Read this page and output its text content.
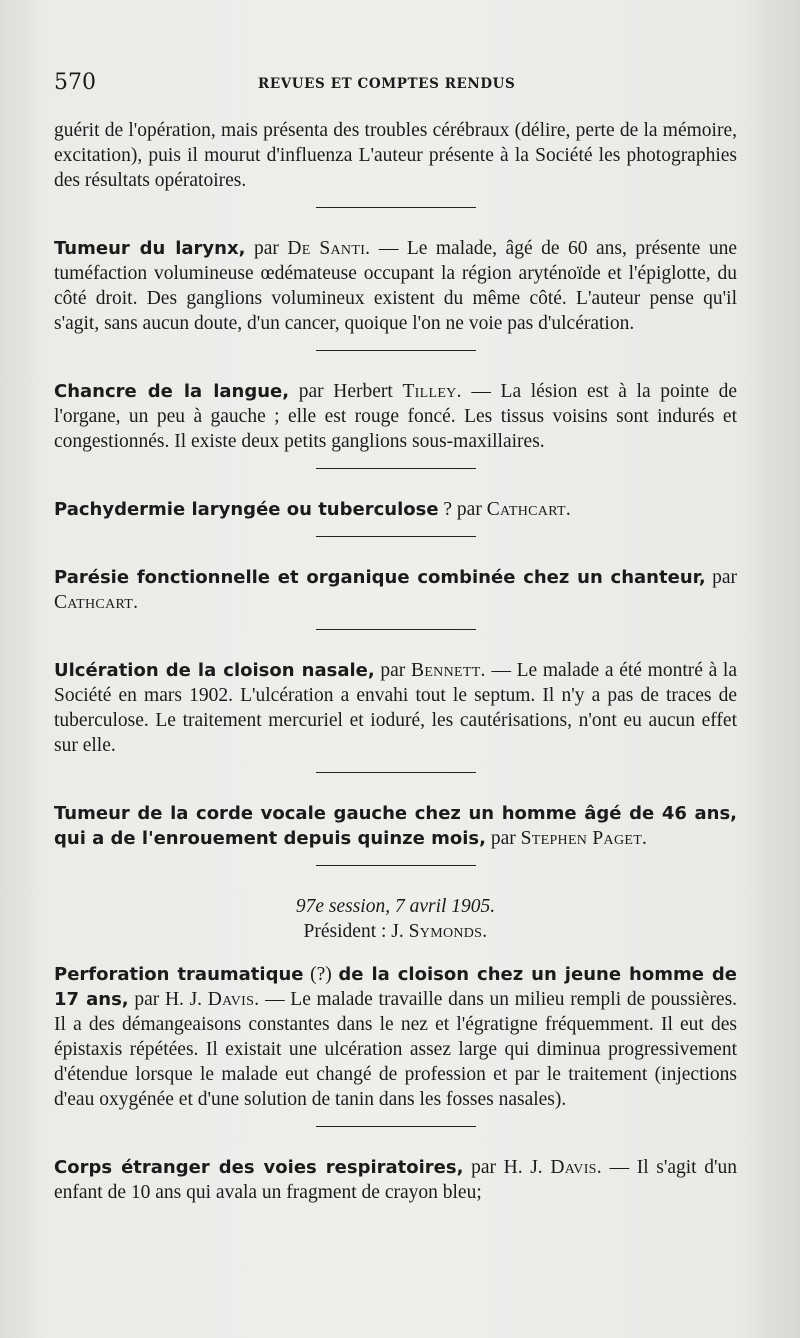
570	REVUES ET COMPTES RENDUS

guérit de l'opération, mais présenta des troubles cérébraux (délire, perte de la mémoire, excitation), puis il mourut d'influenza L'auteur présente à la Société les photographies des résultats opératoires.

Tumeur du larynx, par De Santi. — Le malade, âgé de 60 ans, présente une tuméfaction volumineuse œdémateuse occupant la région aryténoïde et l'épiglotte, du côté droit. Des ganglions volumineux existent du même côté. L'auteur pense qu'il s'agit, sans aucun doute, d'un cancer, quoique l'on ne voie pas d'ulcération.

Chancre de la langue, par Herbert Tilley. — La lésion est à la pointe de l'organe, un peu à gauche ; elle est rouge foncé. Les tissus voisins sont indurés et congestionnés. Il existe deux petits ganglions sous-maxillaires.

Pachydermie laryngée ou tuberculose ? par Cathcart.

Parésie fonctionnelle et organique combinée chez un chanteur, par Cathcart.

Ulcération de la cloison nasale, par Bennett. — Le malade a été montré à la Société en mars 1902. L'ulcération a envahi tout le septum. Il n'y a pas de traces de tuberculose. Le traitement mercuriel et ioduré, les cautérisations, n'ont eu aucun effet sur elle.

Tumeur de la corde vocale gauche chez un homme âgé de 46 ans, qui a de l'enrouement depuis quinze mois, par Stephen Paget.

97e session, 7 avril 1905.

Président : J. Symonds.

Perforation traumatique (?) de la cloison chez un jeune homme de 17 ans, par H. J. Davis. — Le malade travaille dans un milieu rempli de poussières. Il a des démangeaisons constantes dans le nez et l'égratigne fréquemment. Il eut des épistaxis répétées. Il existait une ulcération assez large qui diminua progressivement d'étendue lorsque le malade eut changé de profession et par le traitement (injections d'eau oxygénée et d'une solution de tanin dans les fosses nasales).

Corps étranger des voies respiratoires, par H. J. Davis. — Il s'agit d'un enfant de 10 ans qui avala un fragment de crayon bleu;
